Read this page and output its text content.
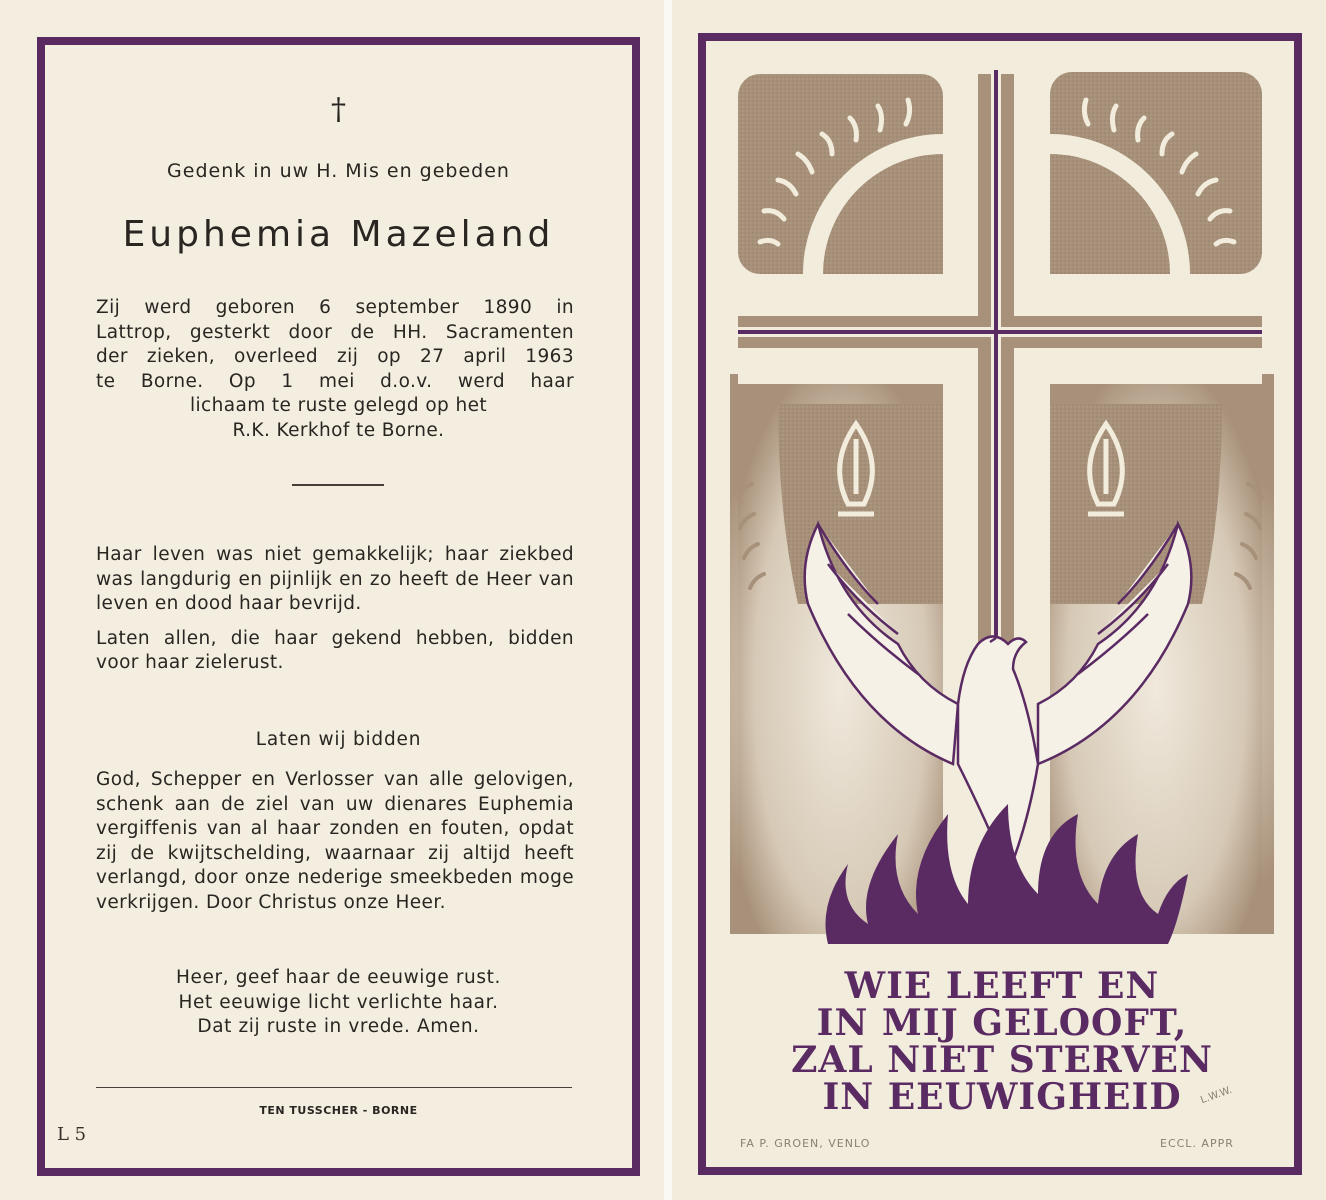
†
Gedenk in uw H. Mis en gebeden
Euphemia Mazeland
Zij werd geboren 6 september 1890 in
Lattrop, gesterkt door de HH. Sacramenten
der zieken, overleed zij op 27 april 1963
te Borne. Op 1 mei d.o.v. werd haar
lichaam te ruste gelegd op het
R.K. Kerkhof te Borne.

Haar leven was niet gemakkelijk; haar ziekbed was langdurig en pijnlijk en zo heeft de Heer van leven en dood haar bevrijd.

Laten allen, die haar gekend hebben, bidden voor haar zielerust.

Laten wij bidden

God, Schepper en Verlosser van alle gelovigen, schenk aan de ziel van uw dienares Euphemia vergiffenis van al haar zonden en fouten, opdat zij de kwijtschelding, waarnaar zij altijd heeft verlangd, door onze nederige smeekbeden moge verkrijgen. Door Christus onze Heer.

Heer, geef haar de eeuwige rust.
Het eeuwige licht verlichte haar.
Dat zij ruste in vrede. Amen.
TEN TUSSCHER - BORNE
L 5
WIE LEEFT EN
IN MIJ GELOOFT,
ZAL NIET STERVEN
IN EEUWIGHEID	L.W.W.
FA P. GROEN, VENLO	ECCL. APPR
